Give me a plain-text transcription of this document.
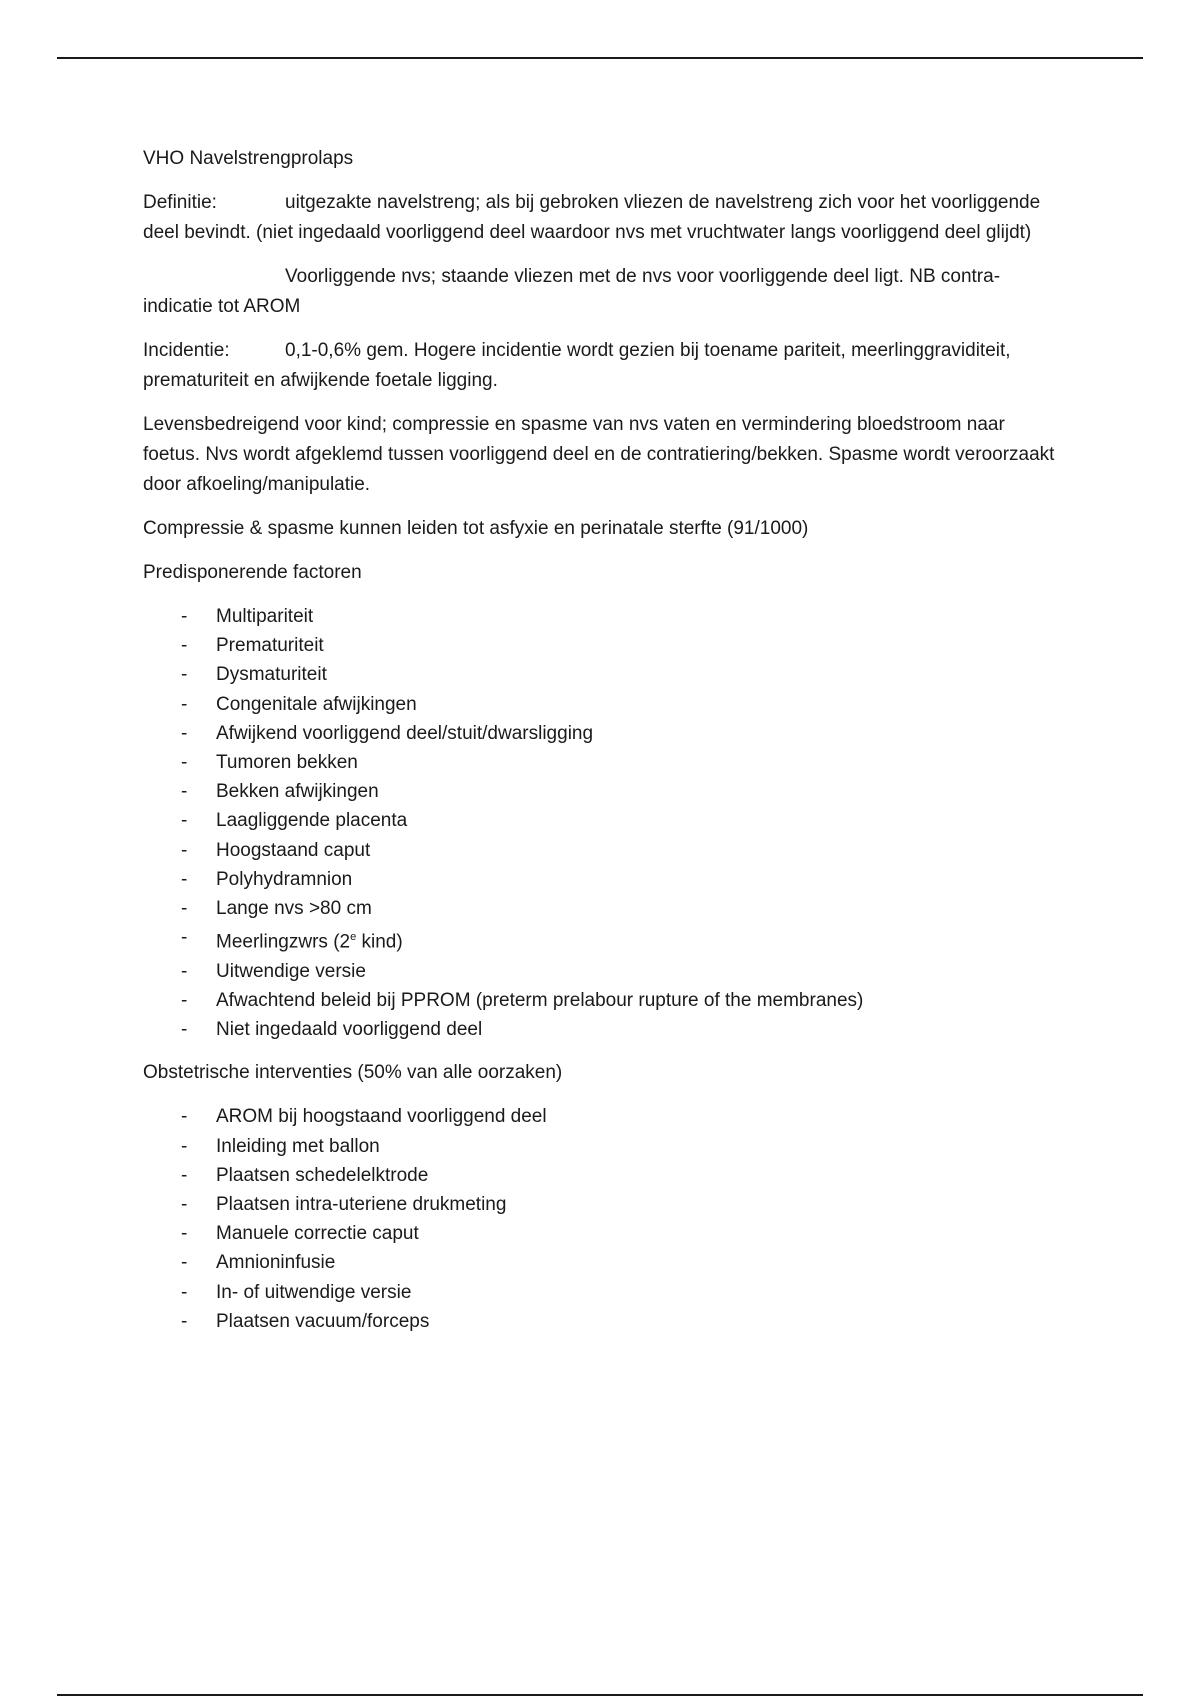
VHO Navelstrengprolaps

Definitie:	uitgezakte navelstreng; als bij gebroken vliezen de navelstreng zich voor het voorliggende deel bevindt. (niet ingedaald voorliggend deel waardoor nvs met vruchtwater langs voorliggend deel glijdt)

Voorliggende nvs; staande vliezen met de nvs voor voorliggende deel ligt. NB contra-indicatie tot AROM

Incidentie:	0,1-0,6% gem. Hogere incidentie wordt gezien bij toename pariteit, meerlinggraviditeit, prematuriteit en afwijkende foetale ligging.

Levensbedreigend voor kind; compressie en spasme van nvs vaten en vermindering bloedstroom naar foetus. Nvs wordt afgeklemd tussen voorliggend deel en de contratiering/bekken. Spasme wordt veroorzaakt door afkoeling/manipulatie.

Compressie & spasme kunnen leiden tot asfyxie en perinatale sterfte (91/1000)

Predisponerende factoren

- Multipariteit
- Prematuriteit
- Dysmaturiteit
- Congenitale afwijkingen
- Afwijkend voorliggend deel/stuit/dwarsligging
- Tumoren bekken
- Bekken afwijkingen
- Laagliggende placenta
- Hoogstaand caput
- Polyhydramnion
- Lange nvs >80 cm
- Meerlingzwrs (2e kind)
- Uitwendige versie
- Afwachtend beleid bij PPROM (preterm prelabour rupture of the membranes)
- Niet ingedaald voorliggend deel

Obstetrische interventies (50% van alle oorzaken)

- AROM bij hoogstaand voorliggend deel
- Inleiding met ballon
- Plaatsen schedelelktrode
- Plaatsen intra-uteriene drukmeting
- Manuele correctie caput
- Amnioninfusie
- In- of uitwendige versie
- Plaatsen vacuum/forceps
